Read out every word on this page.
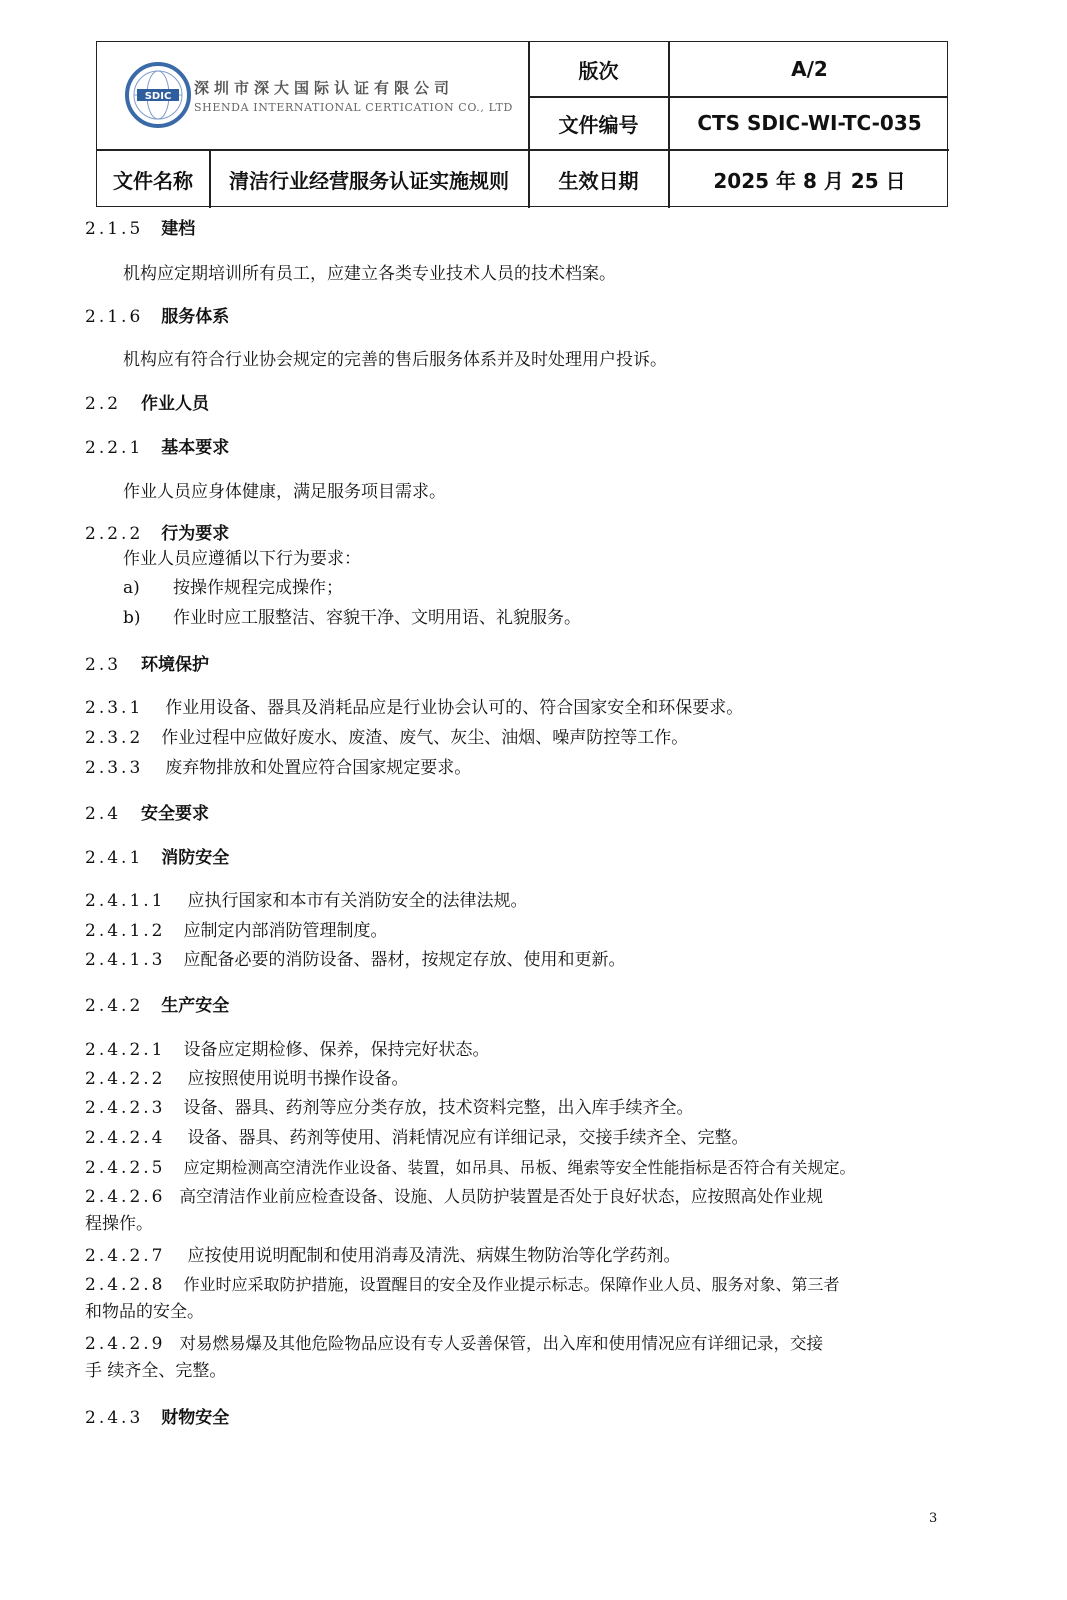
SDIC 深圳市深大国际认证有限公司
SHENDA INTERNATIONAL CERTICATION CO., LTD
版次	A/2
文件编号	CTS SDIC-WI-TC-035
文件名称	清洁行业经营服务认证实施规则	生效日期	2025 年 8 月 25 日
2.1.5 建档
机构应定期培训所有员工，应建立各类专业技术人员的技术档案。
2.1.6 服务体系
机构应有符合行业协会规定的完善的售后服务体系并及时处理用户投诉。
2.2 作业人员
2.2.1 基本要求
作业人员应身体健康，满足服务项目需求。
2.2.2 行为要求
作业人员应遵循以下行为要求：
a) 按操作规程完成操作；
b) 作业时应工服整洁、容貌干净、文明用语、礼貌服务。
2.3 环境保护
2.3.1 作业用设备、器具及消耗品应是行业协会认可的、符合国家安全和环保要求。
2.3.2 作业过程中应做好废水、废渣、废气、灰尘、油烟、噪声防控等工作。
2.3.3 废弃物排放和处置应符合国家规定要求。
2.4 安全要求
2.4.1 消防安全
2.4.1.1 应执行国家和本市有关消防安全的法律法规。
2.4.1.2 应制定内部消防管理制度。
2.4.1.3 应配备必要的消防设备、器材，按规定存放、使用和更新。
2.4.2 生产安全
2.4.2.1 设备应定期检修、保养，保持完好状态。
2.4.2.2 应按照使用说明书操作设备。
2.4.2.3 设备、器具、药剂等应分类存放，技术资料完整，出入库手续齐全。
2.4.2.4 设备、器具、药剂等使用、消耗情况应有详细记录，交接手续齐全、完整。
2.4.2.5 应定期检测高空清洗作业设备、装置，如吊具、吊板、绳索等安全性能指标是否符合有关规定。
2.4.2.6 高空清洁作业前应检查设备、设施、人员防护装置是否处于良好状态，应按照高处作业规
程操作。
2.4.2.7 应按使用说明配制和使用消毒及清洗、病媒生物防治等化学药剂。
2.4.2.8 作业时应采取防护措施，设置醒目的安全及作业提示标志。保障作业人员、服务对象、第三者
和物品的安全。
2.4.2.9 对易燃易爆及其他危险物品应设有专人妥善保管，出入库和使用情况应有详细记录，交接
手 续齐全、完整。
2.4.3 财物安全
3
